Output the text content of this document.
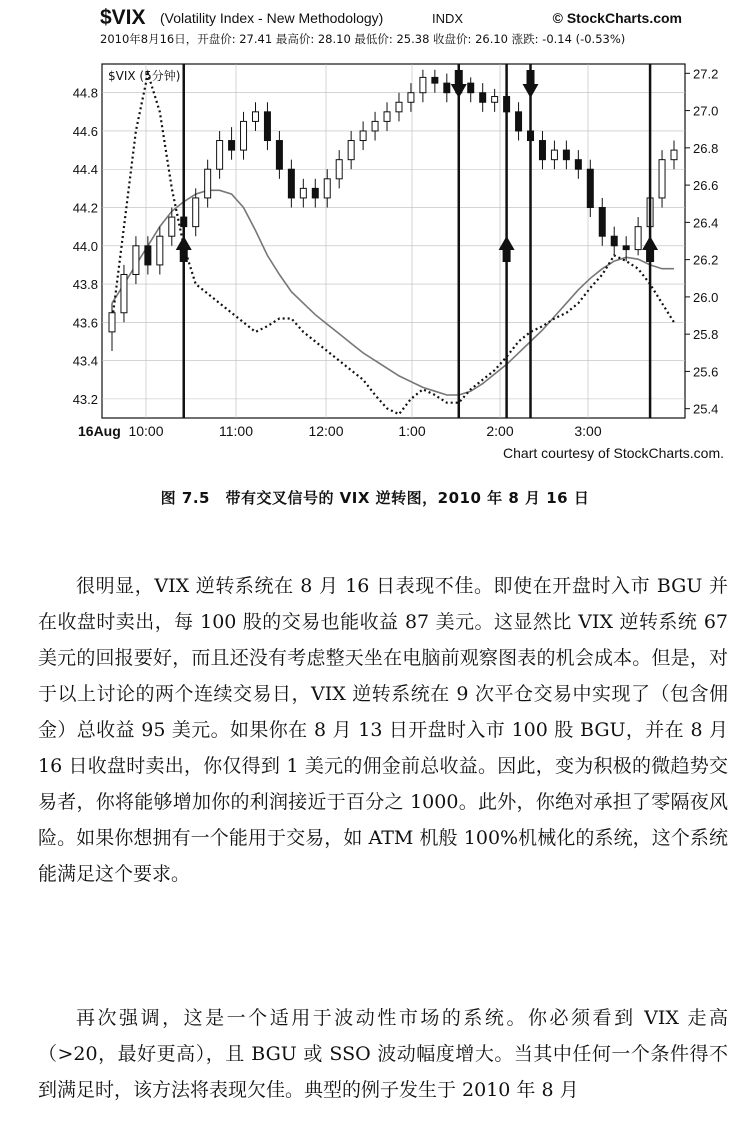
44.8
44.6
44.4
44.2
44.0
43.8
43.6
43.4
43.2
27.2
27.0
26.8
26.6
26.4
26.2
26.0
25.8
25.6
25.4
16Aug 10:00	11:00	12:00	1:00	2:00	3:00
$VIX (Volatility Index - New Methodology)	INDX	© StockCharts.com
2010年8月16日，开盘价: 27.41 最高价: 28.10 最低价: 25.38 收盘价: 26.10 涨跌: -0.14 (-0.53%)
$VIX (5分钟)
Chart courtesy of StockCharts.com.
图 7.5　带有交叉信号的 VIX 逆转图，2010 年 8 月 16 日

很明显，VIX 逆转系统在 8 月 16 日表现不佳。即使在开盘时入市 BGU 并在收盘时卖出，每 100 股的交易也能收益 87 美元。这显然比 VIX 逆转系统 67 美元的回报要好，而且还没有考虑整天坐在电脑前观察图表的机会成本。但是，对于以上讨论的两个连续交易日，VIX 逆转系统在 9 次平仓交易中实现了（包含佣金）总收益 95 美元。如果你在 8 月 13 日开盘时入市 100 股 BGU，并在 8 月 16 日收盘时卖出，你仅得到 1 美元的佣金前总收益。因此，变为积极的微趋势交易者，你将能够增加你的利润接近于百分之 1000。此外，你绝对承担了零隔夜风险。如果你想拥有一个能用于交易，如 ATM 机般 100%机械化的系统，这个系统能满足这个要求。

再次强调，这是一个适用于波动性市场的系统。你必须看到 VIX 走高（>20，最好更高），且 BGU 或 SSO 波动幅度增大。当其中任何一个条件得不到满足时，该方法将表现欠佳。典型的例子发生于 2010 年 8 月
